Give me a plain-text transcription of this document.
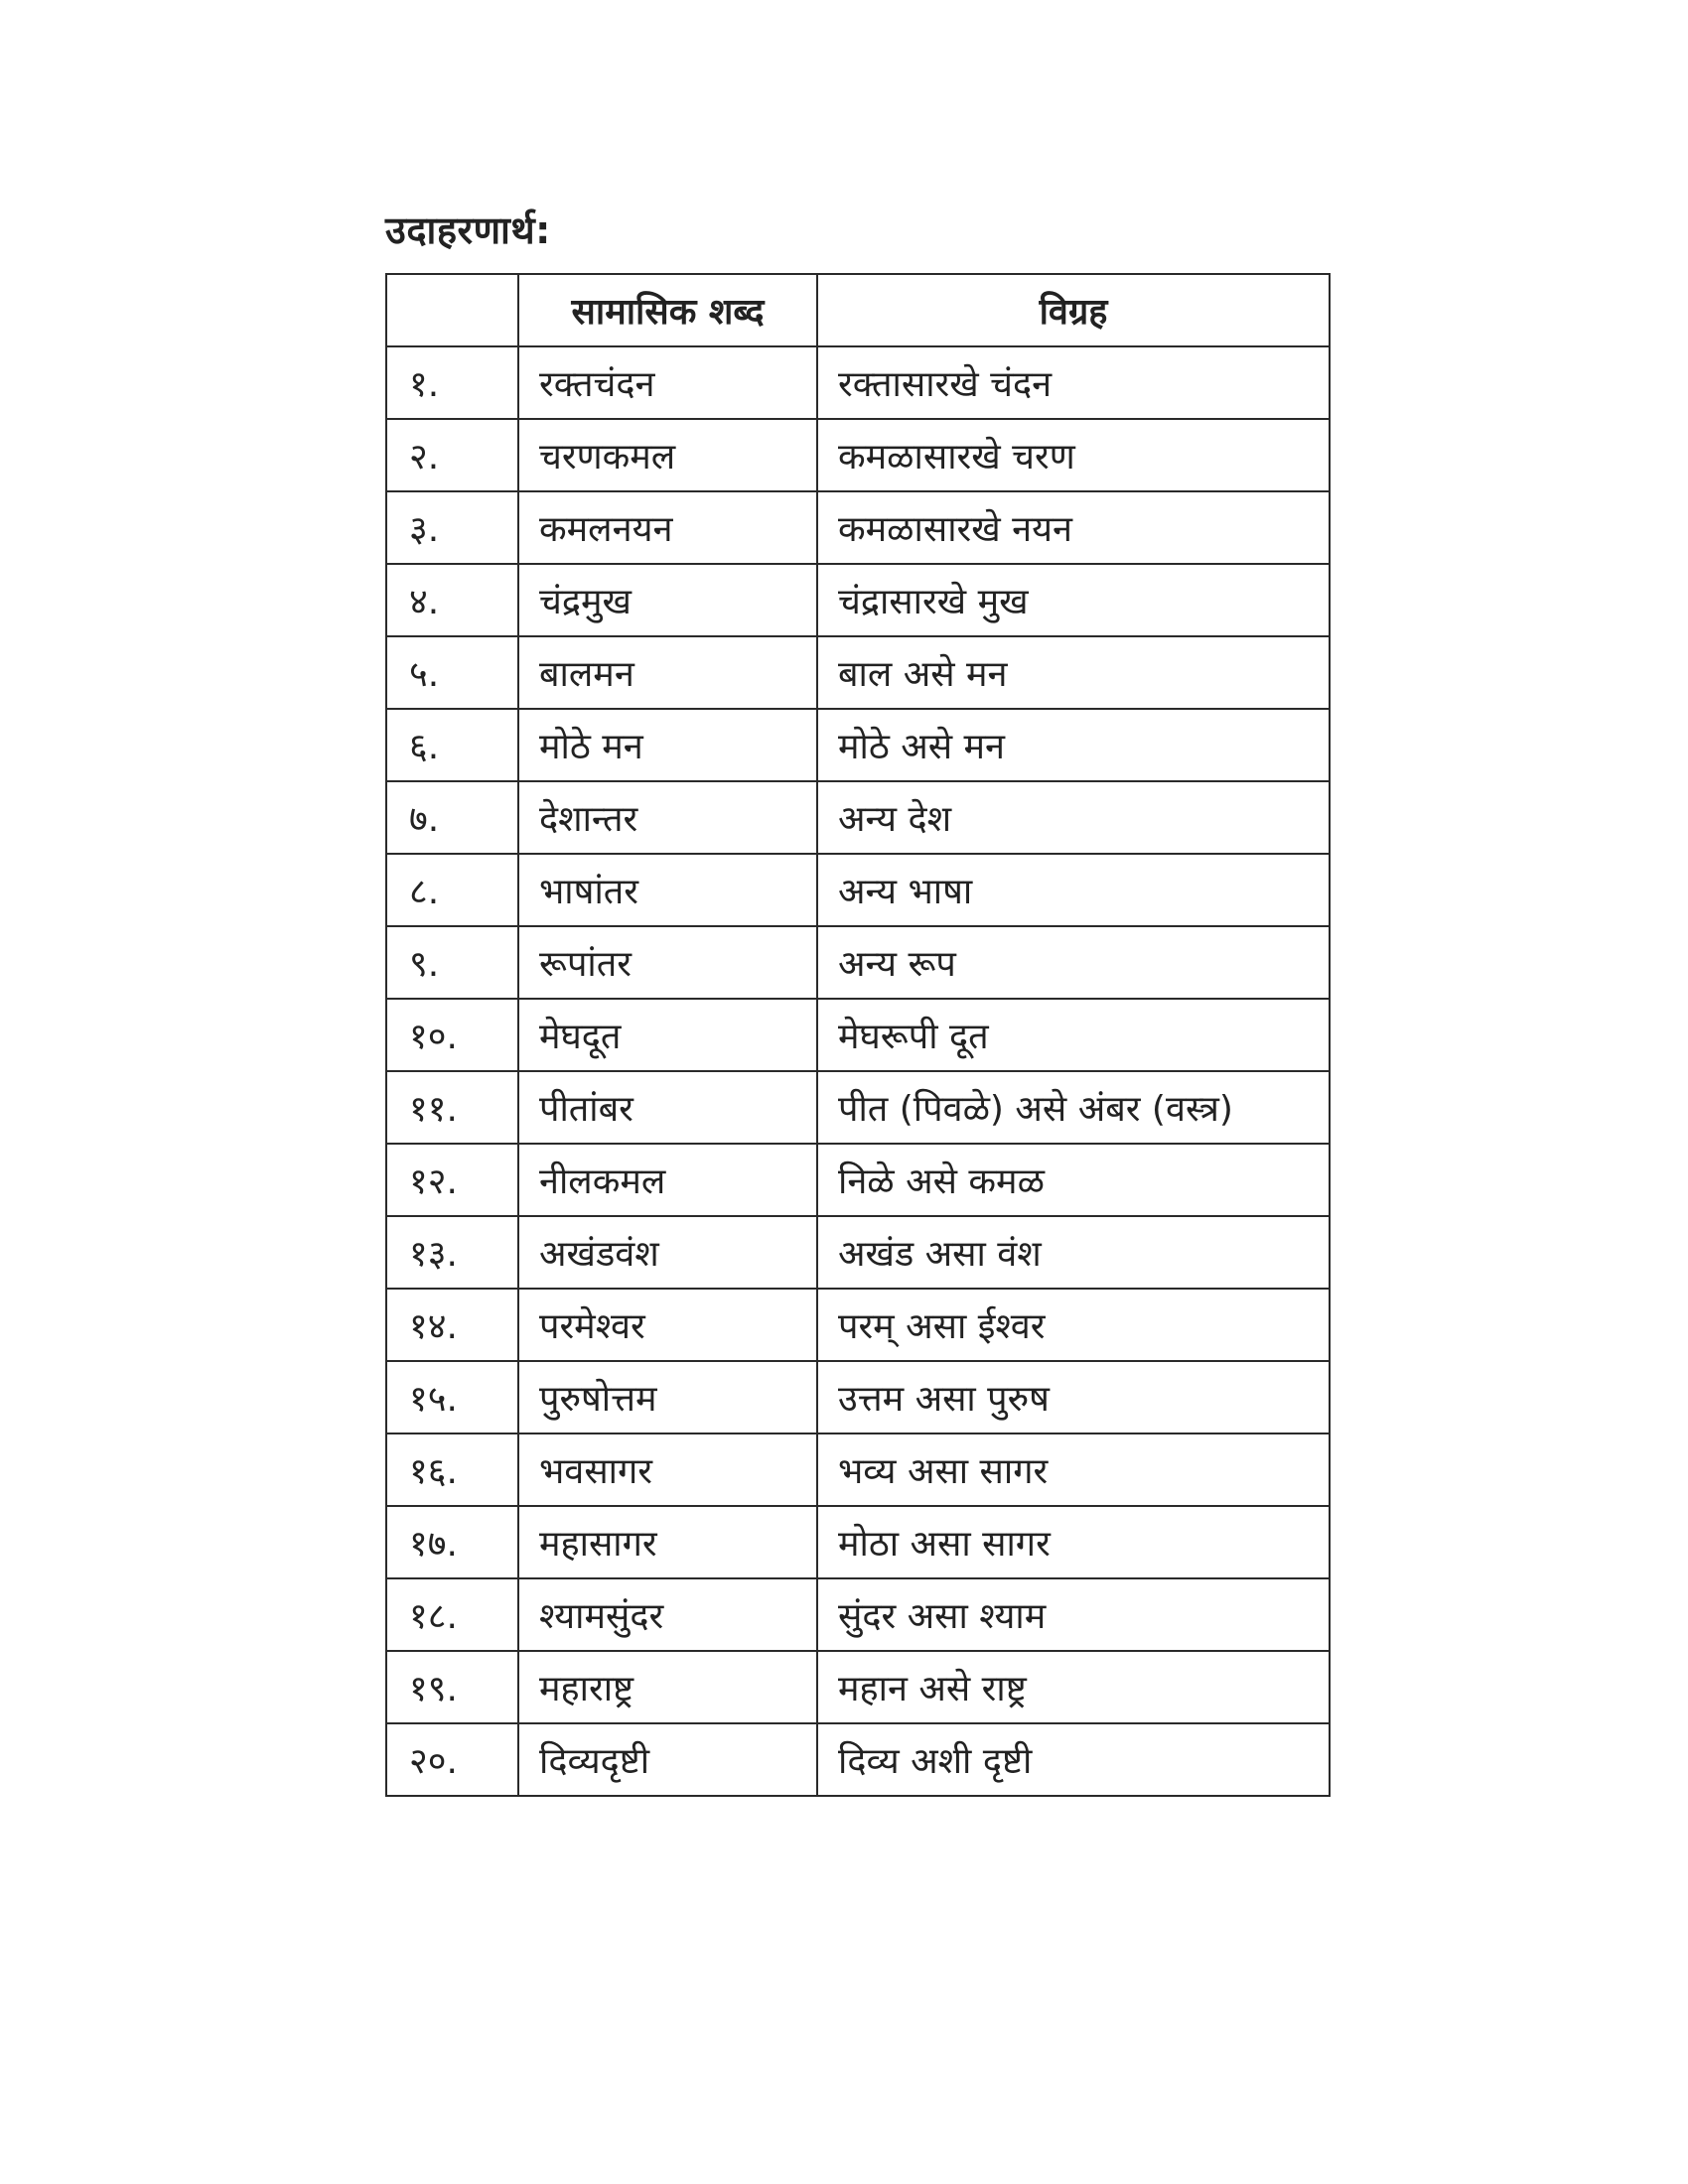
उदाहरणार्थ:
	सामासिक शब्द	विग्रह
१.	रक्तचंदन	रक्तासारखे चंदन
२.	चरणकमल	कमळासारखे चरण
३.	कमलनयन	कमळासारखे नयन
४.	चंद्रमुख	चंद्रासारखे मुख
५.	बालमन	बाल असे मन
६.	मोठे मन	मोठे असे मन
७.	देशान्तर	अन्य देश
८.	भाषांतर	अन्य भाषा
९.	रूपांतर	अन्य रूप
१०.	मेघदूत	मेघरूपी दूत
११.	पीतांबर	पीत (पिवळे) असे अंबर (वस्त्र)
१२.	नीलकमल	निळे असे कमळ
१३.	अखंडवंश	अखंड असा वंश
१४.	परमेश्वर	परम् असा ईश्वर
१५.	पुरुषोत्तम	उत्तम असा पुरुष
१६.	भवसागर	भव्य असा सागर
१७.	महासागर	मोठा असा सागर
१८.	श्यामसुंदर	सुंदर असा श्याम
१९.	महाराष्ट्र	महान असे राष्ट्र
२०.	दिव्यदृष्टी	दिव्य अशी दृष्टी
